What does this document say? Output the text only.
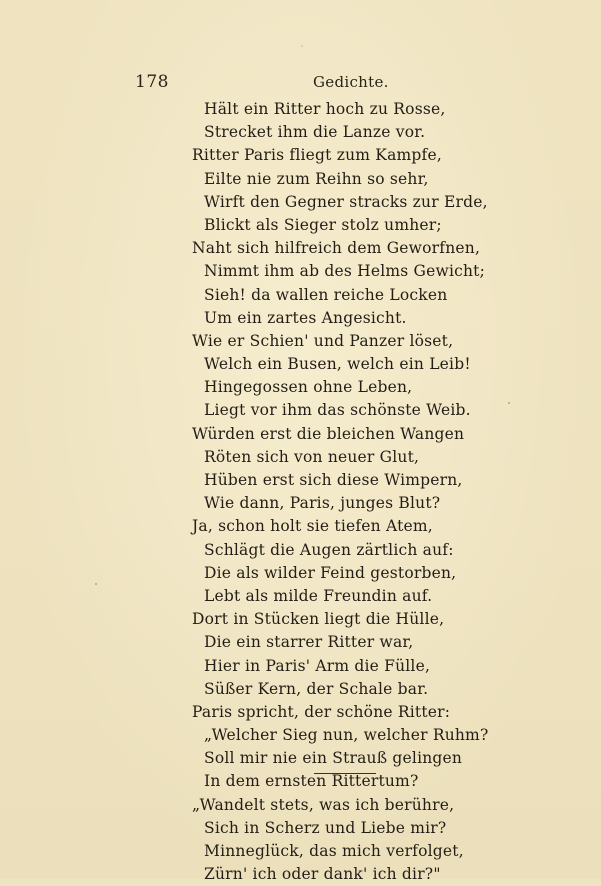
178	Gedichte.
Hält ein Ritter hoch zu Rosse,
Strecket ihm die Lanze vor.
Ritter Paris fliegt zum Kampfe,
Eilte nie zum Reihn so sehr,
Wirft den Gegner stracks zur Erde,
Blickt als Sieger stolz umher;
Naht sich hilfreich dem Geworfnen,
Nimmt ihm ab des Helms Gewicht;
Sieh! da wallen reiche Locken
Um ein zartes Angesicht.
Wie er Schien' und Panzer löset,
Welch ein Busen, welch ein Leib!
Hingegossen ohne Leben,
Liegt vor ihm das schönste Weib.
Würden erst die bleichen Wangen
Röten sich von neuer Glut,
Hüben erst sich diese Wimpern,
Wie dann, Paris, junges Blut?
Ja, schon holt sie tiefen Atem,
Schlägt die Augen zärtlich auf:
Die als wilder Feind gestorben,
Lebt als milde Freundin auf.
Dort in Stücken liegt die Hülle,
Die ein starrer Ritter war,
Hier in Paris' Arm die Fülle,
Süßer Kern, der Schale bar.
Paris spricht, der schöne Ritter:
„Welcher Sieg nun, welcher Ruhm?
Soll mir nie ein Strauß gelingen
In dem ernsten Rittertum?
„Wandelt stets, was ich berühre,
Sich in Scherz und Liebe mir?
Minneglück, das mich verfolget,
Zürn' ich oder dank' ich dir?"
